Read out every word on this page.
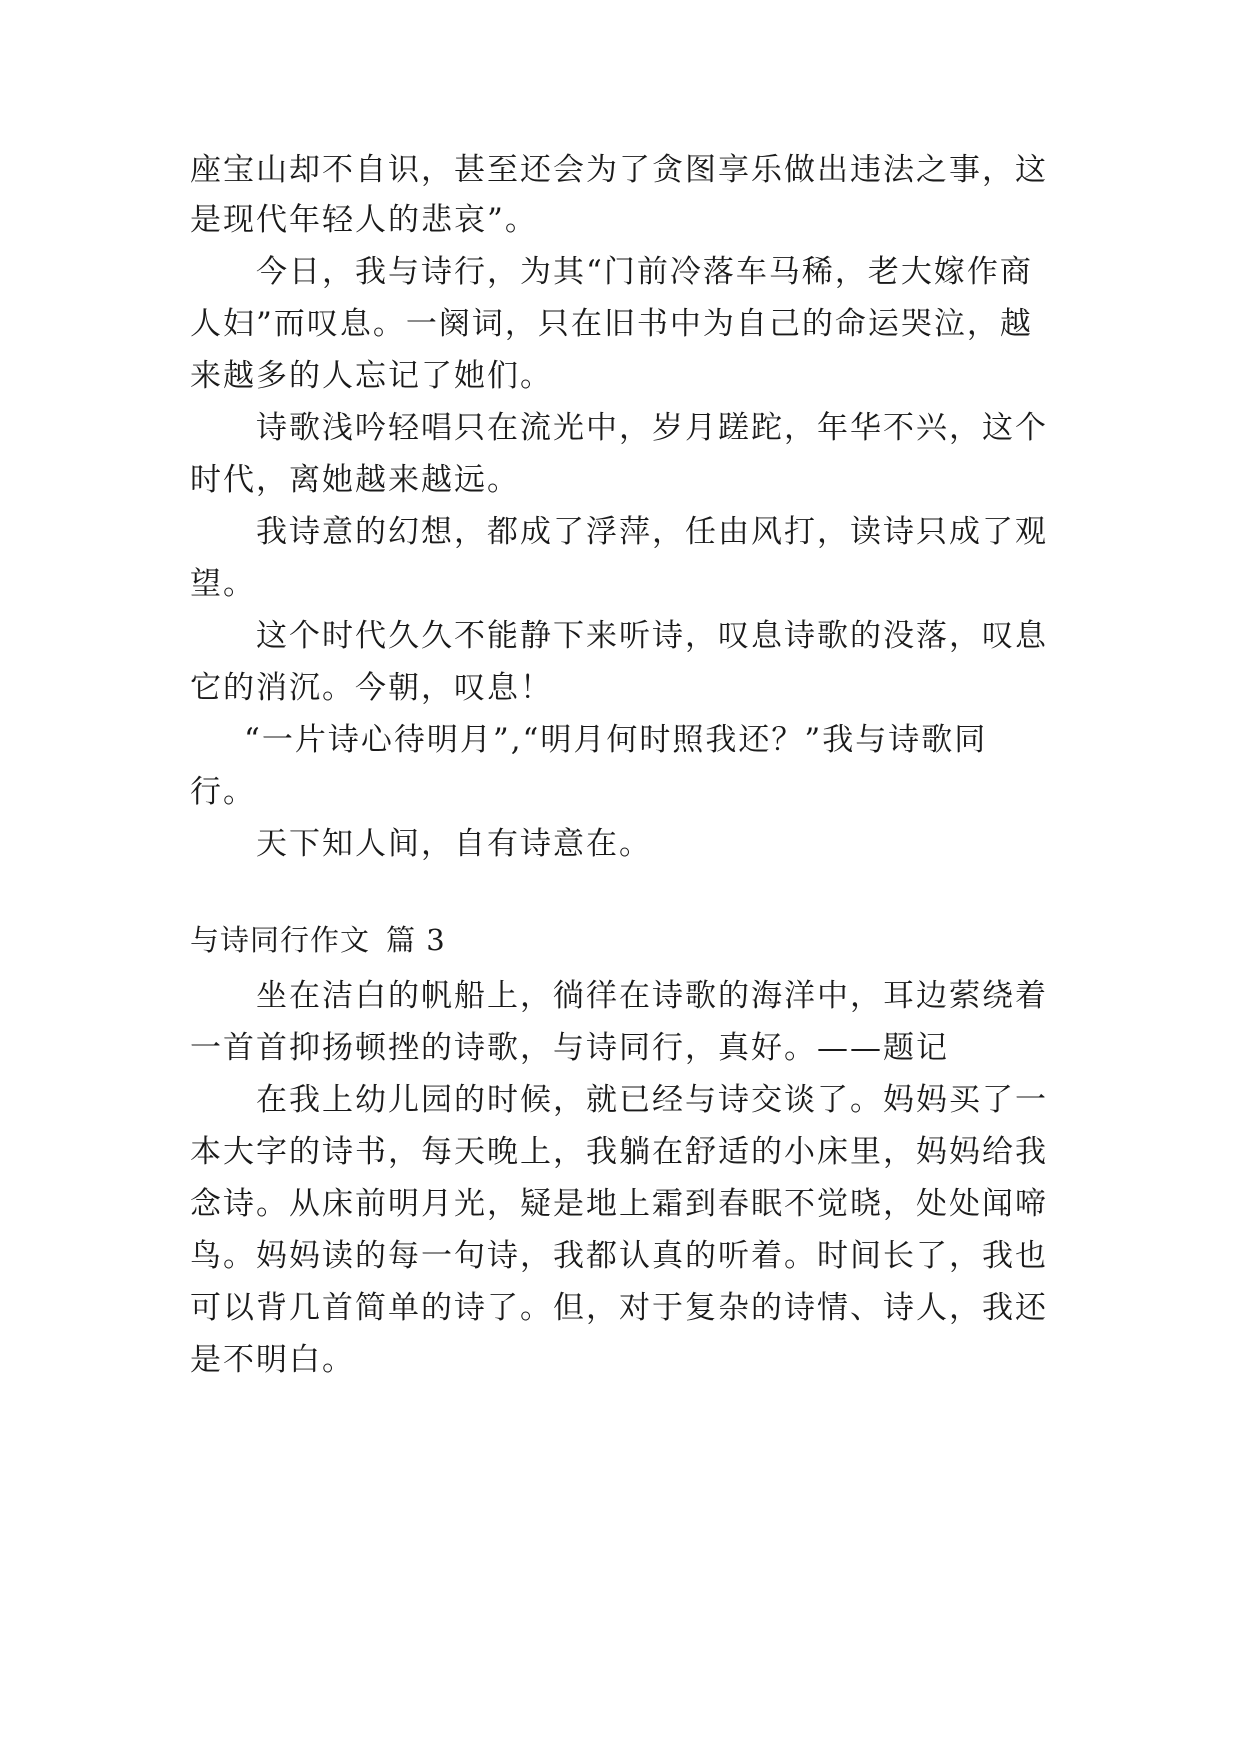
座宝山却不自识，甚至还会为了贪图享乐做出违法之事，这
是现代年轻人的悲哀”。
今日，我与诗行，为其“门前冷落车马稀，老大嫁作商
人妇”而叹息。一阕词，只在旧书中为自己的命运哭泣，越
来越多的人忘记了她们。
诗歌浅吟轻唱只在流光中，岁月蹉跎，年华不兴，这个
时代，离她越来越远。
我诗意的幻想，都成了浮萍，任由风打，读诗只成了观
望。
这个时代久久不能静下来听诗，叹息诗歌的没落，叹息
它的消沉。今朝，叹息！
“一片诗心待明月”,“明月何时照我还？”我与诗歌同
行。
天下知人间，自有诗意在。
与诗同行作文 篇 3
坐在洁白的帆船上，徜徉在诗歌的海洋中，耳边萦绕着
一首首抑扬顿挫的诗歌，与诗同行，真好。——题记
在我上幼儿园的时候，就已经与诗交谈了。妈妈买了一
本大字的诗书，每天晚上，我躺在舒适的小床里，妈妈给我
念诗。从床前明月光，疑是地上霜到春眠不觉晓，处处闻啼
鸟。妈妈读的每一句诗，我都认真的听着。时间长了，我也
可以背几首简单的诗了。但，对于复杂的诗情、诗人，我还
是不明白。
